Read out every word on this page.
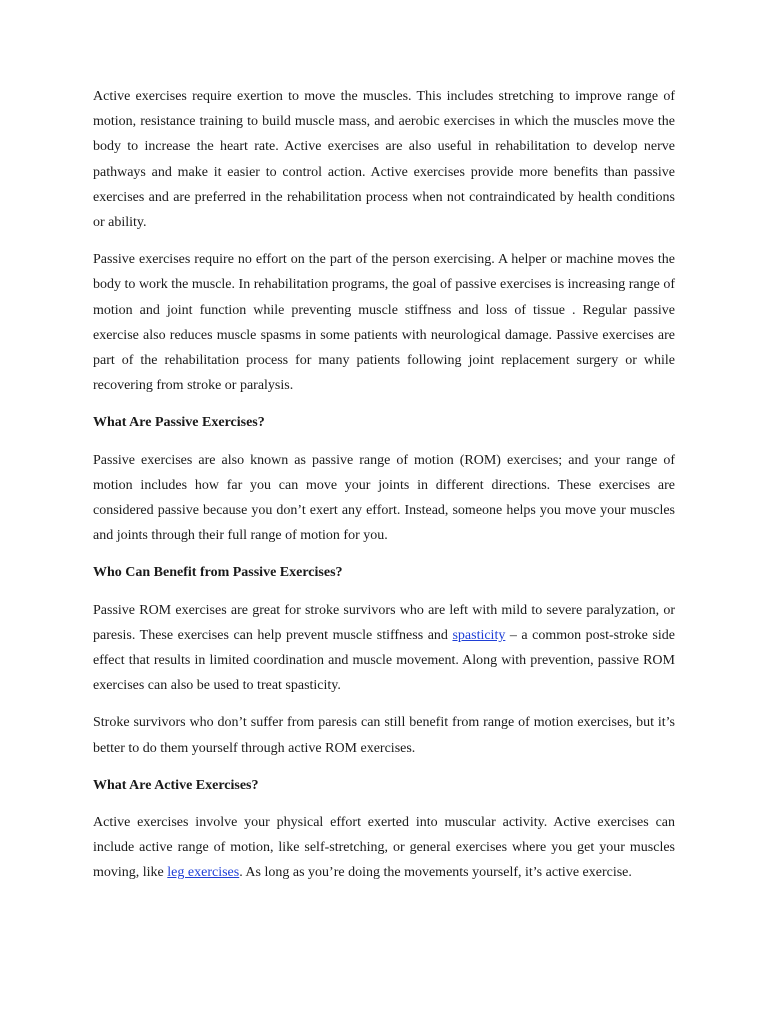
Active exercises require exertion to move the muscles. This includes stretching to improve range of motion, resistance training to build muscle mass, and aerobic exercises in which the muscles move the body to increase the heart rate. Active exercises are also useful in rehabilitation to develop nerve pathways and make it easier to control action. Active exercises provide more benefits than passive exercises and are preferred in the rehabilitation process when not contraindicated by health conditions or ability.

Passive exercises require no effort on the part of the person exercising. A helper or machine moves the body to work the muscle. In rehabilitation programs, the goal of passive exercises is increasing range of motion and joint function while preventing muscle stiffness and loss of tissue . Regular passive exercise also reduces muscle spasms in some patients with neurological damage. Passive exercises are part of the rehabilitation process for many patients following joint replacement surgery or while recovering from stroke or paralysis.

What Are Passive Exercises?

Passive exercises are also known as passive range of motion (ROM) exercises; and your range of motion includes how far you can move your joints in different directions. These exercises are considered passive because you don’t exert any effort. Instead, someone helps you move your muscles and joints through their full range of motion for you.

Who Can Benefit from Passive Exercises?

Passive ROM exercises are great for stroke survivors who are left with mild to severe paralyzation, or paresis. These exercises can help prevent muscle stiffness and spasticity – a common post-stroke side effect that results in limited coordination and muscle movement. Along with prevention, passive ROM exercises can also be used to treat spasticity.

Stroke survivors who don’t suffer from paresis can still benefit from range of motion exercises, but it’s better to do them yourself through active ROM exercises.

What Are Active Exercises?

Active exercises involve your physical effort exerted into muscular activity. Active exercises can include active range of motion, like self-stretching, or general exercises where you get your muscles moving, like leg exercises. As long as you’re doing the movements yourself, it’s active exercise.
